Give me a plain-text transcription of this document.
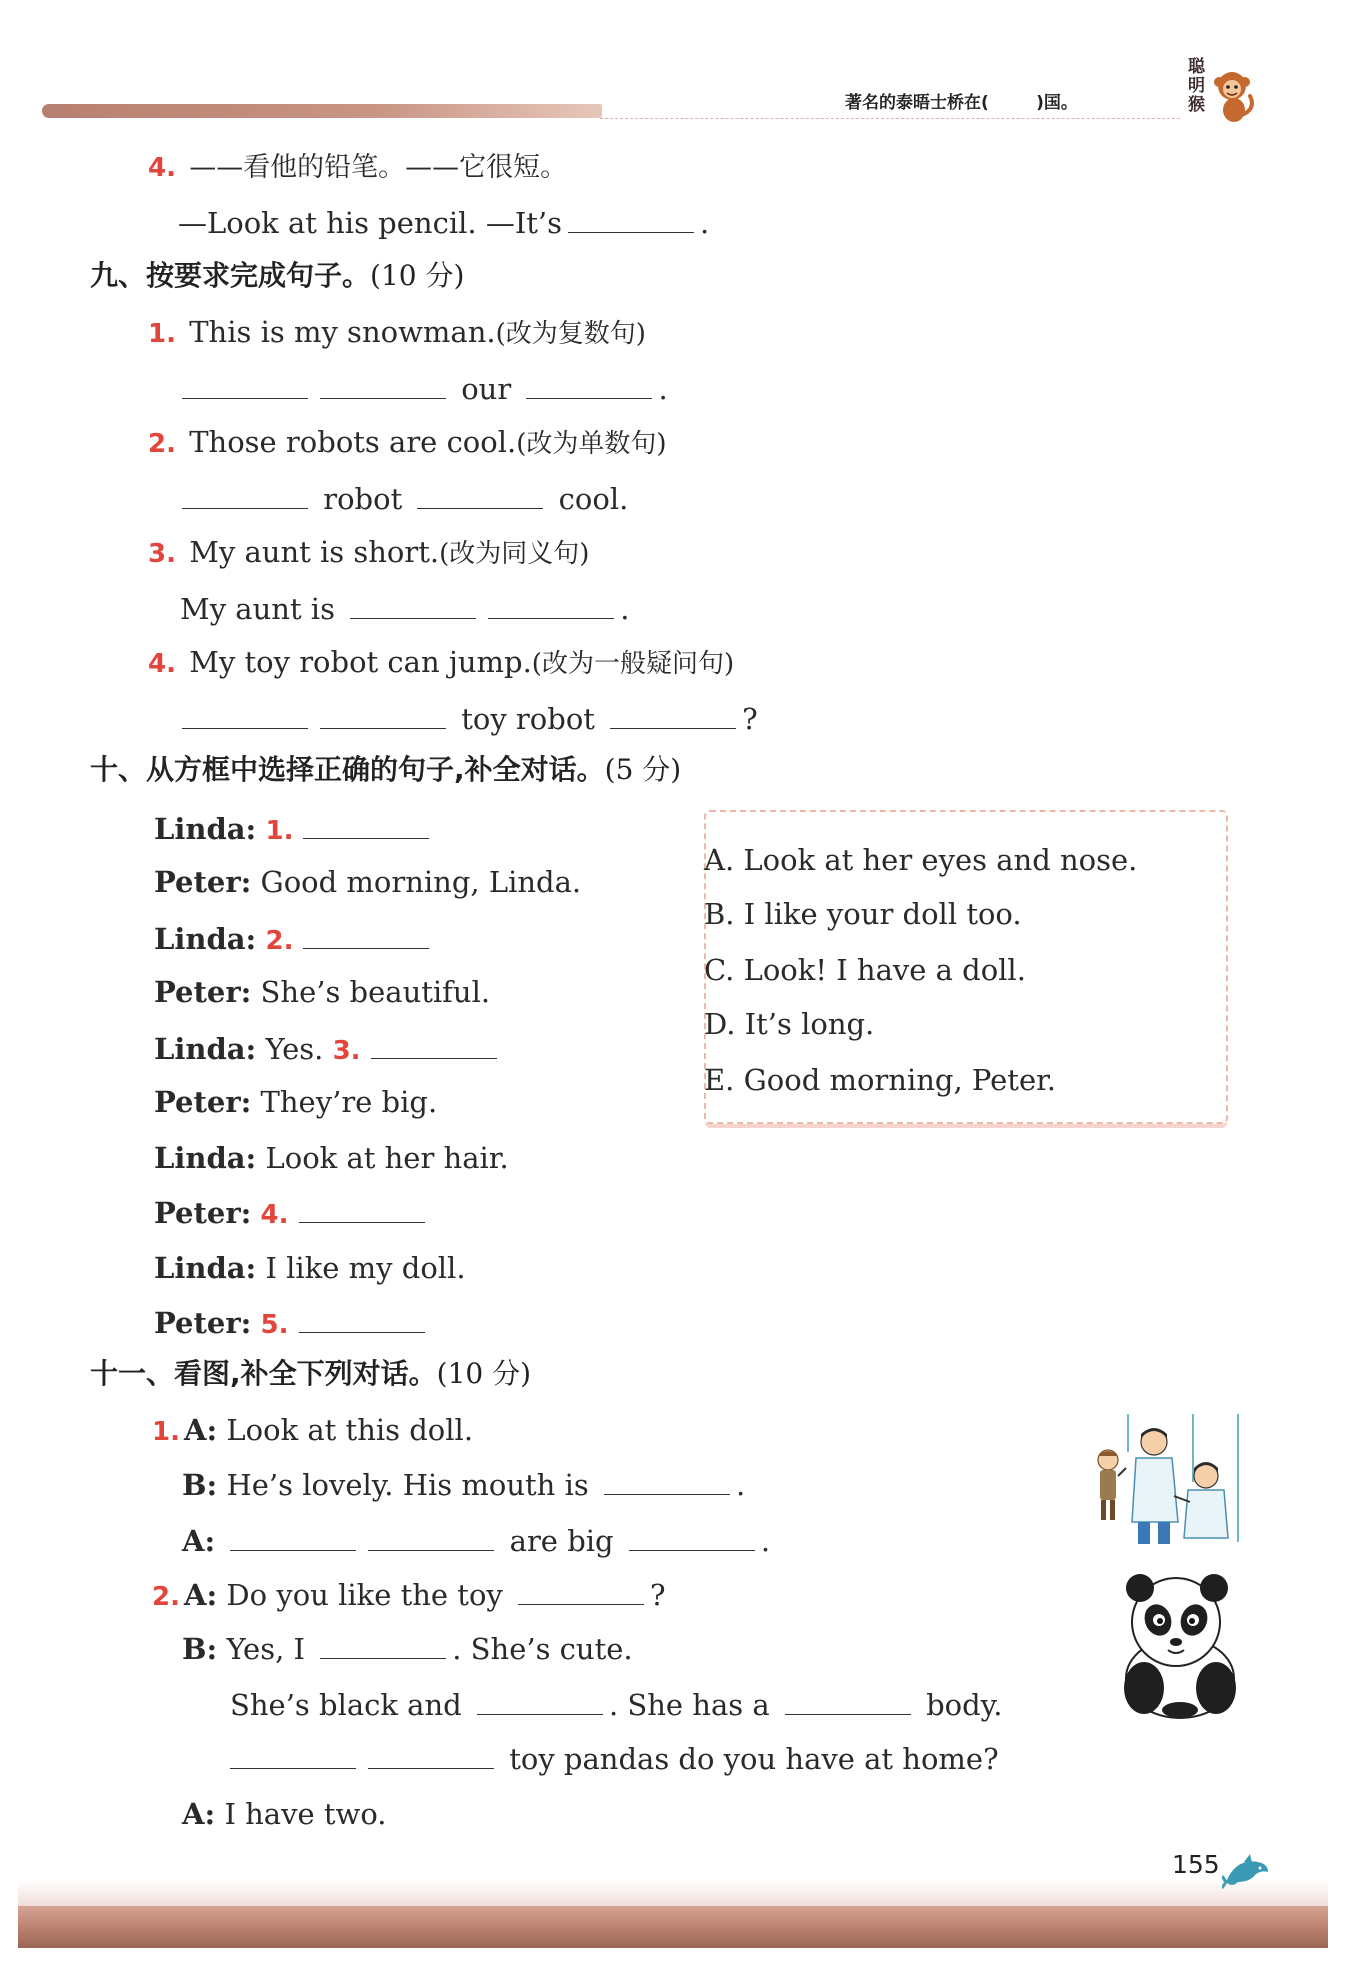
著名的泰晤士桥在(        )国。
聪明猴
4. ——看他的铅笔。——它很短。
—Look at his pencil. —It’s	.
九、按要求完成句子。(10 分)
1. This is my snowman.(改为复数句)
our	.
2. Those robots are cool.(改为单数句)
robot	cool.
3. My aunt is short.(改为同义句)
My aunt is	.
4. My toy robot can jump.(改为一般疑问句)
toy robot	?
十、从方框中选择正确的句子,补全对话。(5 分)
Linda: 1.
Peter: Good morning, Linda.
Linda: 2.
Peter: She’s beautiful.
Linda: Yes. 3.
Peter: They’re big.
Linda: Look at her hair.
Peter: 4.
Linda: I like my doll.
Peter: 5.
A. Look at her eyes and nose.
B. I like your doll too.
C. Look! I have a doll.
D. It’s long.
E. Good morning, Peter.
十一、看图,补全下列对话。(10 分)
1. A: Look at this doll.
B: He’s lovely. His mouth is	.
A:	are big	.
2. A: Do you like the toy	?
B: Yes, I	. She’s cute.
She’s black and	. She has a	body.
toy pandas do you have at home?
A: I have two.
155
